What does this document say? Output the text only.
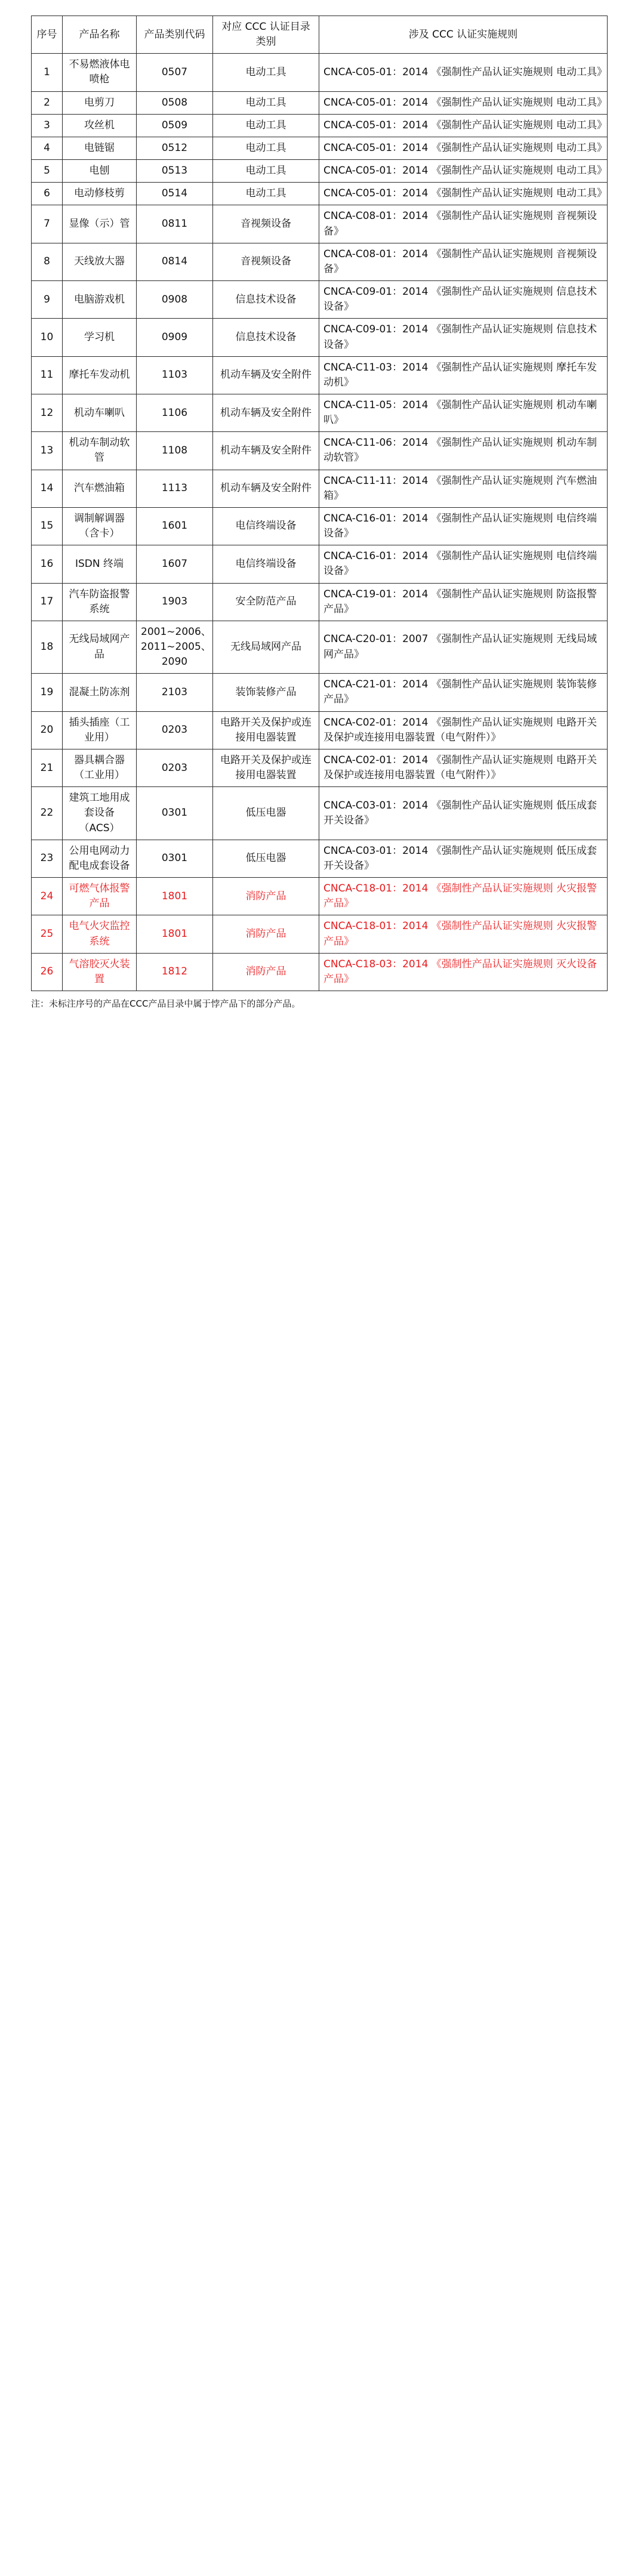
序号	产品名称	产品类别代码	对应 CCC 认证目录类别	涉及 CCC 认证实施规则
1	不易燃液体电喷枪	0507	电动工具	CNCA-C05-01：2014 《强制性产品认证实施规则 电动工具》
2	电剪刀	0508	电动工具	CNCA-C05-01：2014 《强制性产品认证实施规则 电动工具》
3	攻丝机	0509	电动工具	CNCA-C05-01：2014 《强制性产品认证实施规则 电动工具》
4	电链锯	0512	电动工具	CNCA-C05-01：2014 《强制性产品认证实施规则 电动工具》
5	电刨	0513	电动工具	CNCA-C05-01：2014 《强制性产品认证实施规则 电动工具》
6	电动修枝剪	0514	电动工具	CNCA-C05-01：2014 《强制性产品认证实施规则 电动工具》
7	显像（示）管	0811	音视频设备	CNCA-C08-01：2014 《强制性产品认证实施规则 音视频设备》
8	天线放大器	0814	音视频设备	CNCA-C08-01：2014 《强制性产品认证实施规则 音视频设备》
9	电脑游戏机	0908	信息技术设备	CNCA-C09-01：2014 《强制性产品认证实施规则 信息技术设备》
10	学习机	0909	信息技术设备	CNCA-C09-01：2014 《强制性产品认证实施规则 信息技术设备》
11	摩托车发动机	1103	机动车辆及安全附件	CNCA-C11-03：2014 《强制性产品认证实施规则 摩托车发动机》
12	机动车喇叭	1106	机动车辆及安全附件	CNCA-C11-05：2014 《强制性产品认证实施规则 机动车喇叭》
13	机动车制动软管	1108	机动车辆及安全附件	CNCA-C11-06：2014 《强制性产品认证实施规则 机动车制动软管》
14	汽车燃油箱	1113	机动车辆及安全附件	CNCA-C11-11：2014 《强制性产品认证实施规则 汽车燃油箱》
15	调制解调器（含卡）	1601	电信终端设备	CNCA-C16-01：2014 《强制性产品认证实施规则 电信终端设备》
16	ISDN 终端	1607	电信终端设备	CNCA-C16-01：2014 《强制性产品认证实施规则 电信终端设备》
17	汽车防盗报警系统	1903	安全防范产品	CNCA-C19-01：2014 《强制性产品认证实施规则 防盗报警产品》
18	无线局域网产品	2001~2006、2011~2005、2090	无线局域网产品	CNCA-C20-01：2007 《强制性产品认证实施规则 无线局域网产品》
19	混凝土防冻剂	2103	装饰装修产品	CNCA-C21-01：2014 《强制性产品认证实施规则 装饰装修产品》
20	插头插座（工业用）	0203	电路开关及保护或连接用电器装置	CNCA-C02-01：2014 《强制性产品认证实施规则 电路开关及保护或连接用电器装置（电气附件）》
21	器具耦合器（工业用）	0203	电路开关及保护或连接用电器装置	CNCA-C02-01：2014 《强制性产品认证实施规则 电路开关及保护或连接用电器装置（电气附件）》
22	建筑工地用成套设备（ACS）	0301	低压电器	CNCA-C03-01：2014 《强制性产品认证实施规则 低压成套开关设备》
23	公用电网动力配电成套设备	0301	低压电器	CNCA-C03-01：2014 《强制性产品认证实施规则 低压成套开关设备》
24	可燃气体报警产品	1801	消防产品	CNCA-C18-01：2014 《强制性产品认证实施规则 火灾报警产品》
25	电气火灾监控系统	1801	消防产品	CNCA-C18-01：2014 《强制性产品认证实施规则 火灾报警产品》
26	气溶胶灭火装置	1812	消防产品	CNCA-C18-03：2014 《强制性产品认证实施规则 灭火设备产品》
注：未标注序号的产品在CCC产品目录中属于悖产品下的部分产品。
